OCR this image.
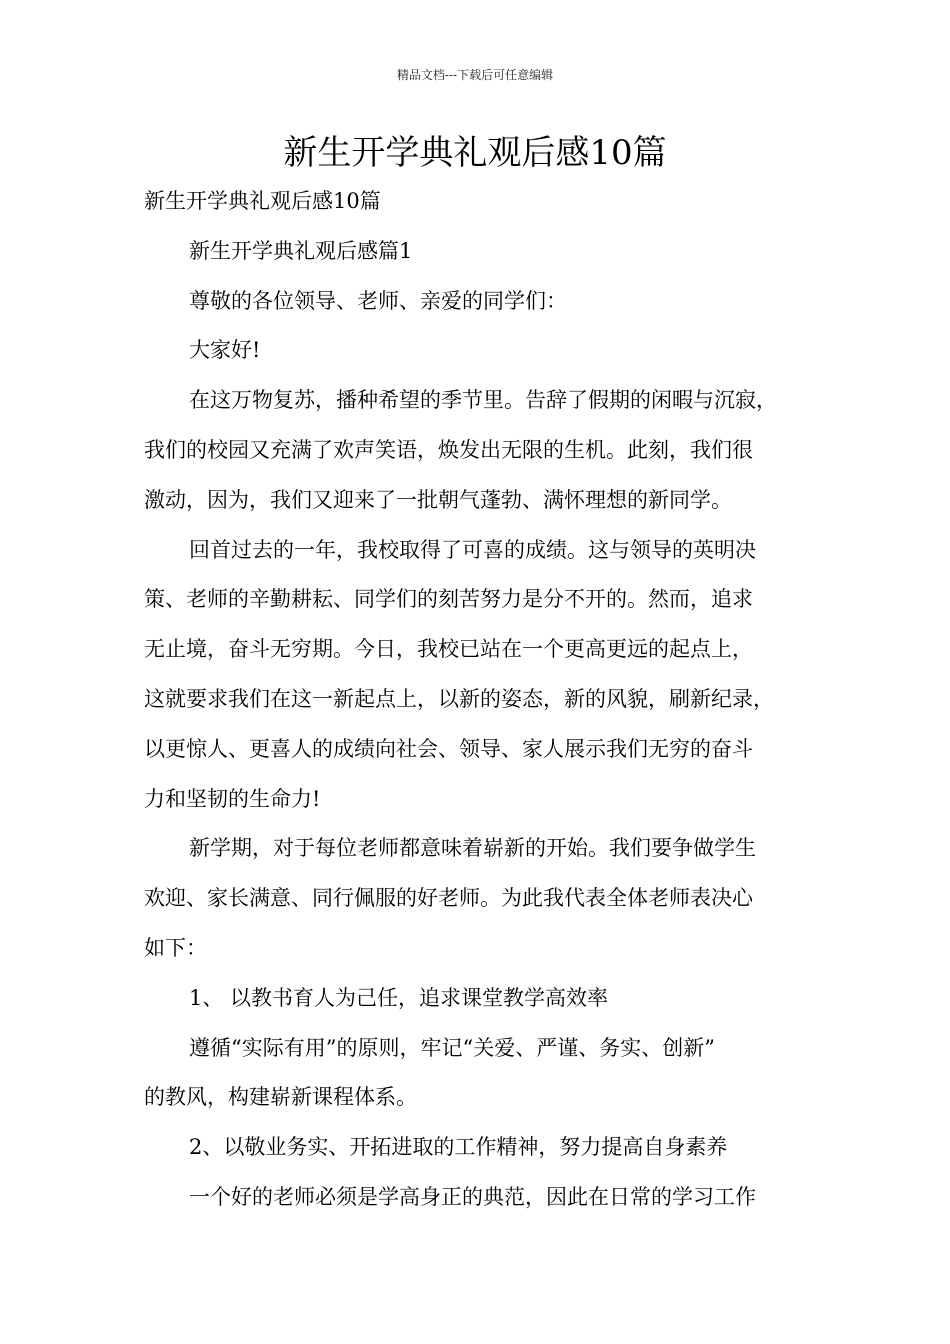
精品文档---下载后可任意编辑
新生开学典礼观后感10篇

新生开学典礼观后感10篇

新生开学典礼观后感篇1

尊敬的各位领导、老师、亲爱的同学们：

大家好!

在这万物复苏，播种希望的季节里。告辞了假期的闲暇与沉寂，

我们的校园又充满了欢声笑语，焕发出无限的生机。此刻，我们很

激动，因为，我们又迎来了一批朝气蓬勃、满怀理想的新同学。

回首过去的一年，我校取得了可喜的成绩。这与领导的英明决

策、老师的辛勤耕耘、同学们的刻苦努力是分不开的。然而，追求

无止境，奋斗无穷期。今日，我校已站在一个更高更远的起点上，

这就要求我们在这一新起点上，以新的姿态，新的风貌，刷新纪录，

以更惊人、更喜人的成绩向社会、领导、家人展示我们无穷的奋斗

力和坚韧的生命力!

新学期，对于每位老师都意味着崭新的开始。我们要争做学生

欢迎、家长满意、同行佩服的好老师。为此我代表全体老师表决心

如下：

1、 以教书育人为己任，追求课堂教学高效率

遵循“实际有用”的原则，牢记“关爱、严谨、务实、创新”

的教风，构建崭新课程体系。

2、以敬业务实、开拓进取的工作精神，努力提高自身素养

一个好的老师必须是学高身正的典范，因此在日常的学习工作
